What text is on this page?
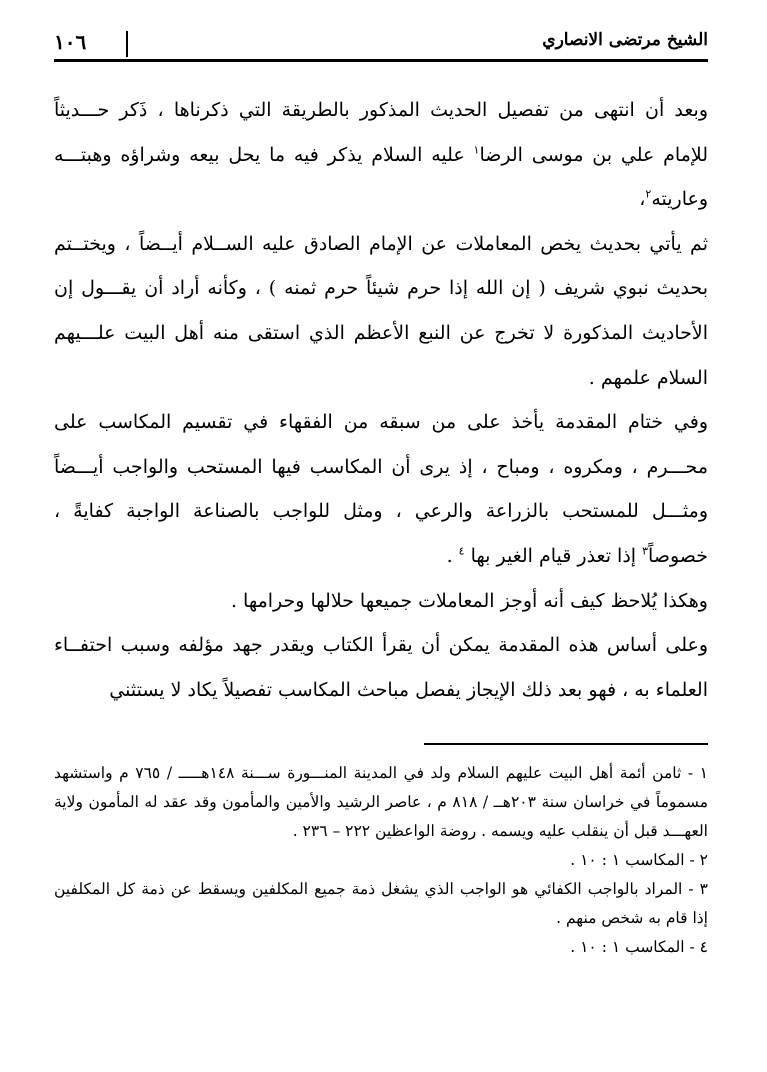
الشيخ مرتضى الانصاري
١٠٦

وبعد أن انتهى من تفصيل الحديث المذكور بالطريقة التي ذكرناها ، ذَكر حـــديثاً للإمام علي بن موسى الرضا$^١$ عليه السلام يذكر فيه ما يحل بيعه وشراؤه وهبتـــه وعاريته$^٢$،

ثم يأتي بحديث يخص المعاملات عن الإمام الصادق عليه الســلام أيــضاً ، ويختــتم بحديث نبوي شريف ( إن الله إذا حرم شيئاً حرم ثمنه ) ، وكأنه أراد أن يقـــول إن الأحاديث المذكورة لا تخرج عن النبع الأعظم الذي استقى منه أهل البيت علـــيهم السلام علمهم .

وفي ختام المقدمة يأخذ على من سبقه من الفقهاء في تقسيم المكاسب على محـــرم ، ومكروه ، ومباح ، إذ يرى أن المكاسب فيها المستحب والواجب أيـــضاً ومثـــل للمستحب بالزراعة والرعي ، ومثل للواجب بالصناعة الواجبة كفايةً ، خصوصاً$^٣$ إذا تعذر قيام الغير بها $^٤$ .

وهكذا يُلاحظ كيف أنه أوجز المعاملات جميعها حلالها وحرامها .

وعلى أساس هذه المقدمة يمكن أن يقرأ الكتاب ويقدر جهد مؤلفه وسبب احتفــاء العلماء به ، فهو بعد ذلك الإيجاز يفصل مباحث المكاسب تفصيلاً يكاد لا يستثني

١ - ثامن أئمة أهل البيت عليهم السلام ولد في المدينة المنـــورة ســـنة ١٤٨هـــــ / ٧٦٥ م واستشهد مسموماً في خراسان سنة ٢٠٣هــ / ٨١٨ م ، عاصر الرشيد والأمين والمأمون وقد عقد له المأمون ولاية العهـــد قبل أن ينقلب عليه ويسمه . روضة الواعظين ٢٢٢ – ٢٣٦ .

٢ - المكاسب ١ : ١٠ .

٣ - المراد بالواجب الكفائي هو الواجب الذي يشغل ذمة جميع المكلفين ويسقط عن ذمة كل المكلفين إذا قام به شخص منهم .

٤ - المكاسب ١ : ١٠ .
